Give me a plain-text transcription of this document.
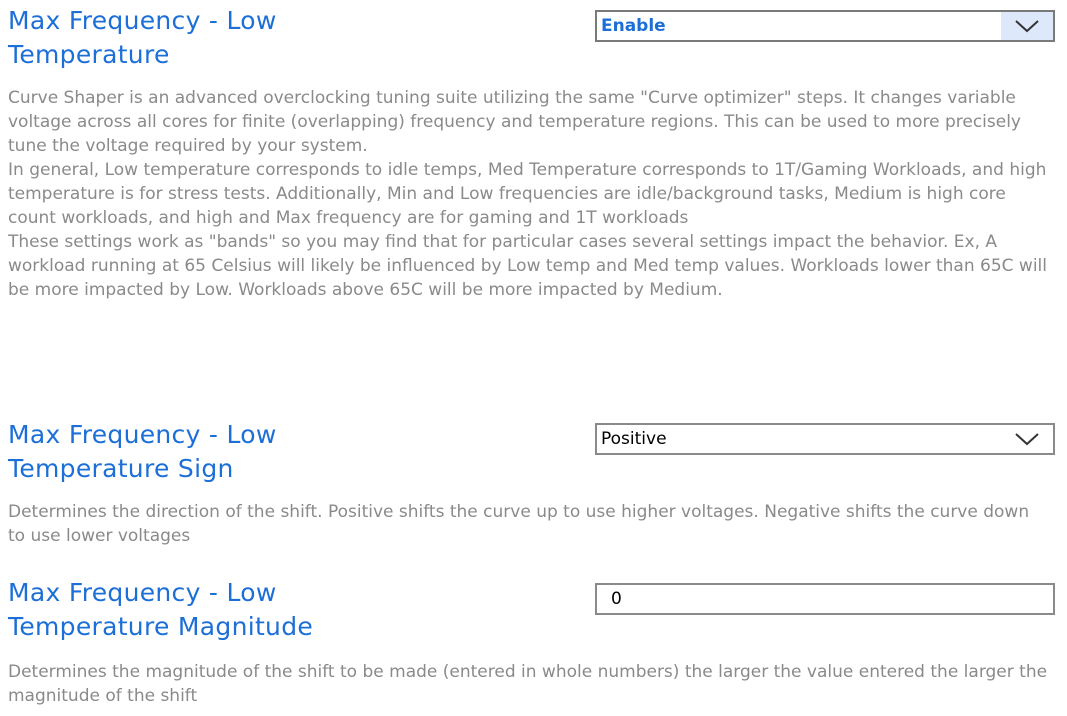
Max Frequency - Low
Temperature
Enable

Curve Shaper is an advanced overclocking tuning suite utilizing the same "Curve optimizer" steps. It changes variable voltage across all cores for finite (overlapping) frequency and temperature regions. This can be used to more precisely tune the voltage required by your system.
In general, Low temperature corresponds to idle temps, Med Temperature corresponds to 1T/Gaming Workloads, and high temperature is for stress tests. Additionally, Min and Low frequencies are idle/background tasks, Medium is high core count workloads, and high and Max frequency are for gaming and 1T workloads
These settings work as "bands" so you may find that for particular cases several settings impact the behavior. Ex, A workload running at 65 Celsius will likely be influenced by Low temp and Med temp values. Workloads lower than 65C will be more impacted by Low. Workloads above 65C will be more impacted by Medium.

Max Frequency - Low
Temperature Sign
Positive

Determines the direction of the shift. Positive shifts the curve up to use higher voltages. Negative shifts the curve down to use lower voltages

Max Frequency - Low
Temperature Magnitude
0

Determines the magnitude of the shift to be made (entered in whole numbers) the larger the value entered the larger the magnitude of the shift
